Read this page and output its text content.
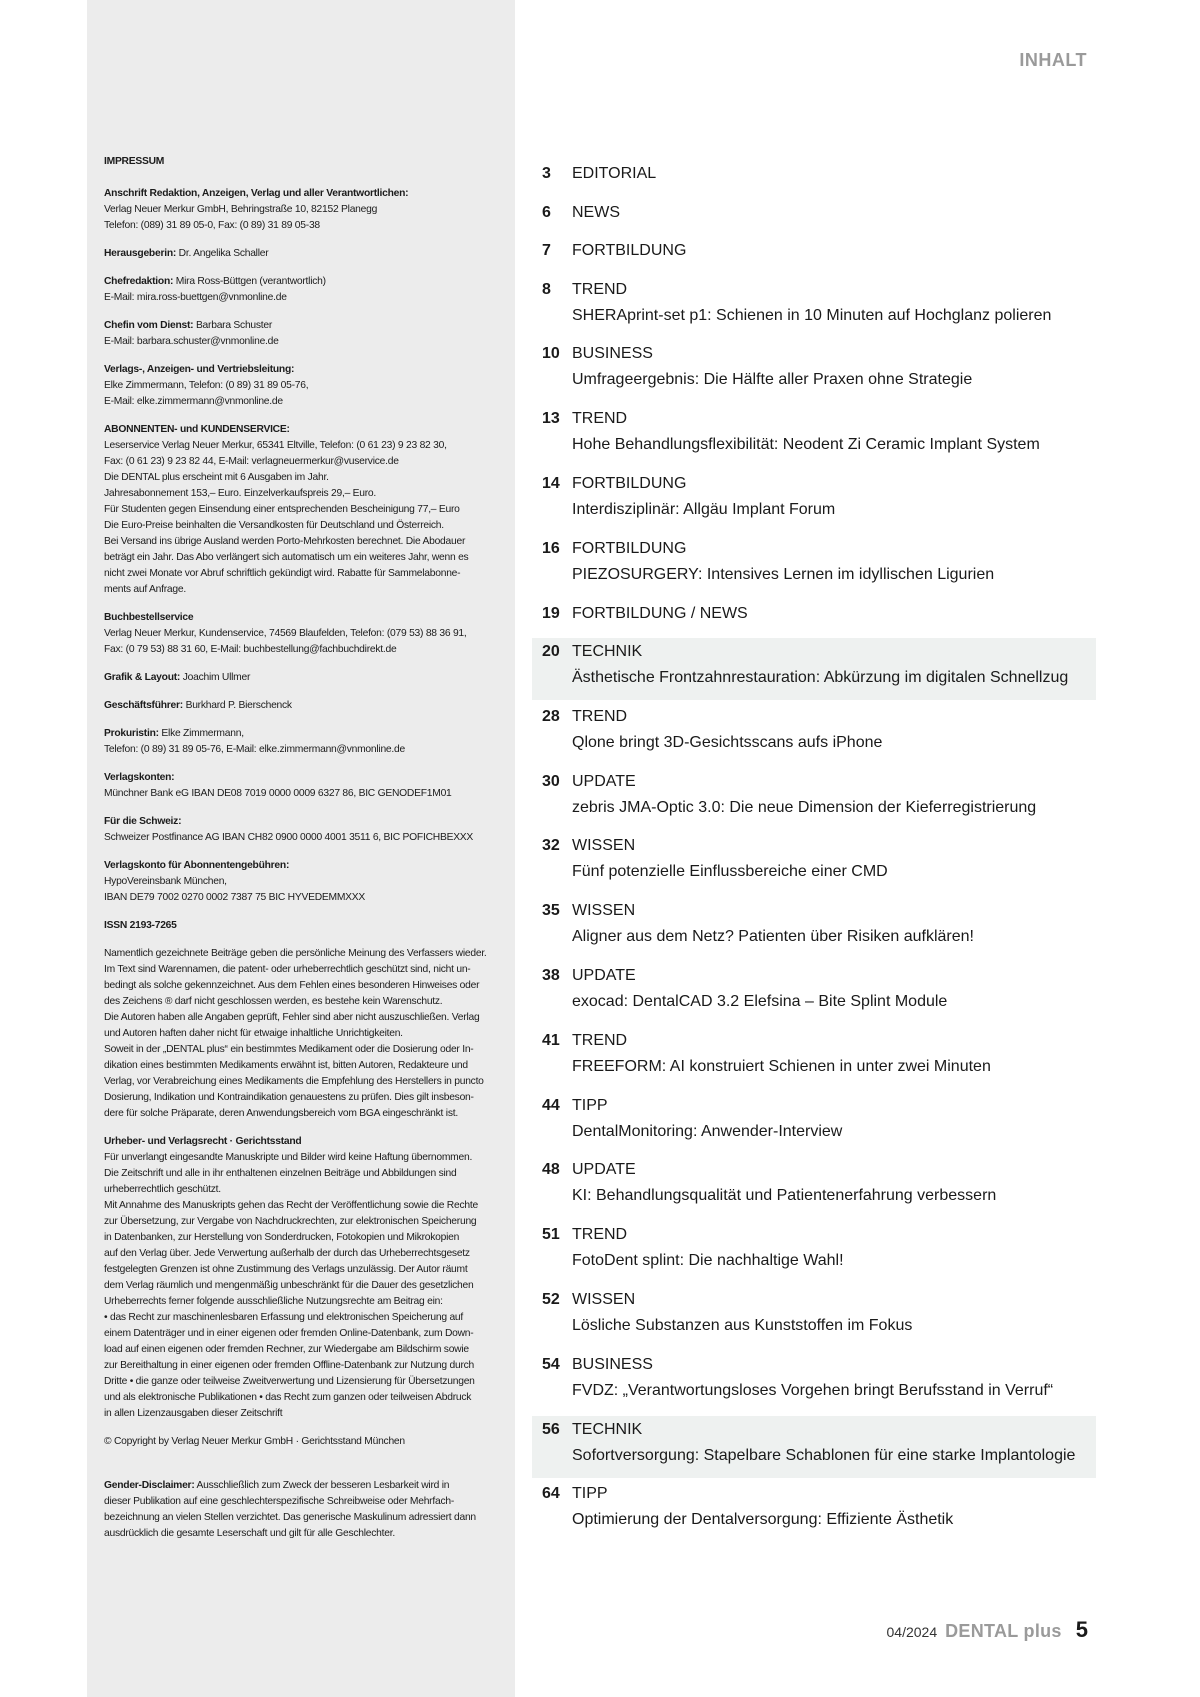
INHALT
IMPRESSUM
Anschrift Redaktion, Anzeigen, Verlag und aller Verantwortlichen:
Verlag Neuer Merkur GmbH, Behringstraße 10, 82152 Planegg
Telefon: (089) 31 89 05-0, Fax: (0 89) 31 89 05-38
Herausgeberin: Dr. Angelika Schaller
Chefredaktion: Mira Ross-Büttgen (verantwortlich)
E-Mail: mira.ross-buettgen@vnmonline.de
Chefin vom Dienst: Barbara Schuster
E-Mail: barbara.schuster@vnmonline.de
Verlags-, Anzeigen- und Vertriebsleitung:
Elke Zimmermann, Telefon: (0 89) 31 89 05-76,
E-Mail: elke.zimmermann@vnmonline.de
ABONNENTEN- und KUNDENSERVICE:
Leserservice Verlag Neuer Merkur, 65341 Eltville, Telefon: (0 61 23) 9 23 82 30,
Fax: (0 61 23) 9 23 82 44, E-Mail: verlagneuermerkur@vuservice.de
Die DENTAL plus erscheint mit 6 Ausgaben im Jahr.
Jahresabonnement 153,– Euro. Einzelverkaufspreis 29,– Euro.
Für Studenten gegen Einsendung einer entsprechenden Bescheinigung 77,– Euro
Die Euro-Preise beinhalten die Versandkosten für Deutschland und Österreich.
Bei Versand ins übrige Ausland werden Porto-Mehrkosten berechnet. Die Abodauer
beträgt ein Jahr. Das Abo verlängert sich automatisch um ein weiteres Jahr, wenn es
nicht zwei Monate vor Abruf schriftlich gekündigt wird. Rabatte für Sammelabonne-
ments auf Anfrage.
Buchbestellservice
Verlag Neuer Merkur, Kundenservice, 74569 Blaufelden, Telefon: (079 53) 88 36 91,
Fax: (0 79 53) 88 31 60, E-Mail: buchbestellung@fachbuchdirekt.de
Grafik & Layout: Joachim Ullmer
Geschäftsführer: Burkhard P. Bierschenck
Prokuristin: Elke Zimmermann,
Telefon: (0 89) 31 89 05-76, E-Mail: elke.zimmermann@vnmonline.de
Verlagskonten:
Münchner Bank eG IBAN DE08 7019 0000 0009 6327 86, BIC GENODEF1M01
Für die Schweiz:
Schweizer Postfinance AG IBAN CH82 0900 0000 4001 3511 6, BIC POFICHBEXXX
Verlagskonto für Abonnentengebühren:
HypoVereinsbank München,
IBAN DE79 7002 0270 0002 7387 75 BIC HYVEDEMMXXX
ISSN 2193-7265
Namentlich gezeichnete Beiträge geben die persönliche Meinung des Verfassers wieder.
Im Text sind Warennamen, die patent- oder urheberrechtlich geschützt sind, nicht un-
bedingt als solche gekennzeichnet. Aus dem Fehlen eines besonderen Hinweises oder
des Zeichens ® darf nicht geschlossen werden, es bestehe kein Warenschutz.
Die Autoren haben alle Angaben geprüft, Fehler sind aber nicht auszuschließen. Verlag
und Autoren haften daher nicht für etwaige inhaltliche Unrichtigkeiten.
Soweit in der „DENTAL plus“ ein bestimmtes Medikament oder die Dosierung oder In-
dikation eines bestimmten Medikaments erwähnt ist, bitten Autoren, Redakteure und
Verlag, vor Verabreichung eines Medikaments die Empfehlung des Herstellers in puncto
Dosierung, Indikation und Kontraindikation genauestens zu prüfen. Dies gilt insbeson-
dere für solche Präparate, deren Anwendungsbereich vom BGA eingeschränkt ist.
Urheber- und Verlagsrecht · Gerichtsstand
Für unverlangt eingesandte Manuskripte und Bilder wird keine Haftung übernommen.
Die Zeitschrift und alle in ihr enthaltenen einzelnen Beiträge und Abbildungen sind
urheberrechtlich geschützt.
Mit Annahme des Manuskripts gehen das Recht der Veröffentlichung sowie die Rechte
zur Übersetzung, zur Vergabe von Nachdruckrechten, zur elektronischen Speicherung
in Datenbanken, zur Herstellung von Sonderdrucken, Fotokopien und Mikrokopien
auf den Verlag über. Jede Verwertung außerhalb der durch das Urheberrechtsgesetz
festgelegten Grenzen ist ohne Zustimmung des Verlags unzulässig. Der Autor räumt
dem Verlag räumlich und mengenmäßig unbeschränkt für die Dauer des gesetzlichen
Urheberrechts ferner folgende ausschließliche Nutzungsrechte am Beitrag ein:
• das Recht zur maschinenlesbaren Erfassung und elektronischen Speicherung auf
einem Datenträger und in einer eigenen oder fremden Online-Datenbank, zum Down-
load auf einen eigenen oder fremden Rechner, zur Wiedergabe am Bildschirm sowie
zur Bereithaltung in einer eigenen oder fremden Offline-Datenbank zur Nutzung durch
Dritte • die ganze oder teilweise Zweitverwertung und Lizensierung für Übersetzungen
und als elektronische Publikationen • das Recht zum ganzen oder teilweisen Abdruck
in allen Lizenzausgaben dieser Zeitschrift
© Copyright by Verlag Neuer Merkur GmbH · Gerichtsstand München
Gender-Disclaimer: Ausschließlich zum Zweck der besseren Lesbarkeit wird in
dieser Publikation auf eine geschlechterspezifische Schreibweise oder Mehrfach-
bezeichnung an vielen Stellen verzichtet. Das generische Maskulinum adressiert dann
ausdrücklich die gesamte Leserschaft und gilt für alle Geschlechter.
3 EDITORIAL
6 NEWS
7 FORTBILDUNG
8 TREND
SHERAprint-set p1: Schienen in 10 Minuten auf Hochglanz polieren
10 BUSINESS
Umfrageergebnis: Die Hälfte aller Praxen ohne Strategie
13 TREND
Hohe Behandlungsflexibilität: Neodent Zi Ceramic Implant System
14 FORTBILDUNG
Interdisziplinär: Allgäu Implant Forum
16 FORTBILDUNG
PIEZOSURGERY: Intensives Lernen im idyllischen Ligurien
19 FORTBILDUNG / NEWS
20 TECHNIK
Ästhetische Frontzahnrestauration: Abkürzung im digitalen Schnellzug
28 TREND
Qlone bringt 3D-Gesichtsscans aufs iPhone
30 UPDATE
zebris JMA-Optic 3.0: Die neue Dimension der Kieferregistrierung
32 WISSEN
Fünf potenzielle Einflussbereiche einer CMD
35 WISSEN
Aligner aus dem Netz? Patienten über Risiken aufklären!
38 UPDATE
exocad: DentalCAD 3.2 Elefsina – Bite Splint Module
41 TREND
FREEFORM: AI konstruiert Schienen in unter zwei Minuten
44 TIPP
DentalMonitoring: Anwender-Interview
48 UPDATE
KI: Behandlungsqualität und Patientenerfahrung verbessern
51 TREND
FotoDent splint: Die nachhaltige Wahl!
52 WISSEN
Lösliche Substanzen aus Kunststoffen im Fokus
54 BUSINESS
FVDZ: „Verantwortungsloses Vorgehen bringt Berufsstand in Verruf“
56 TECHNIK
Sofortversorgung: Stapelbare Schablonen für eine starke Implantologie
64 TIPP
Optimierung der Dentalversorgung: Effiziente Ästhetik
04/2024 DENTAL plus 5
